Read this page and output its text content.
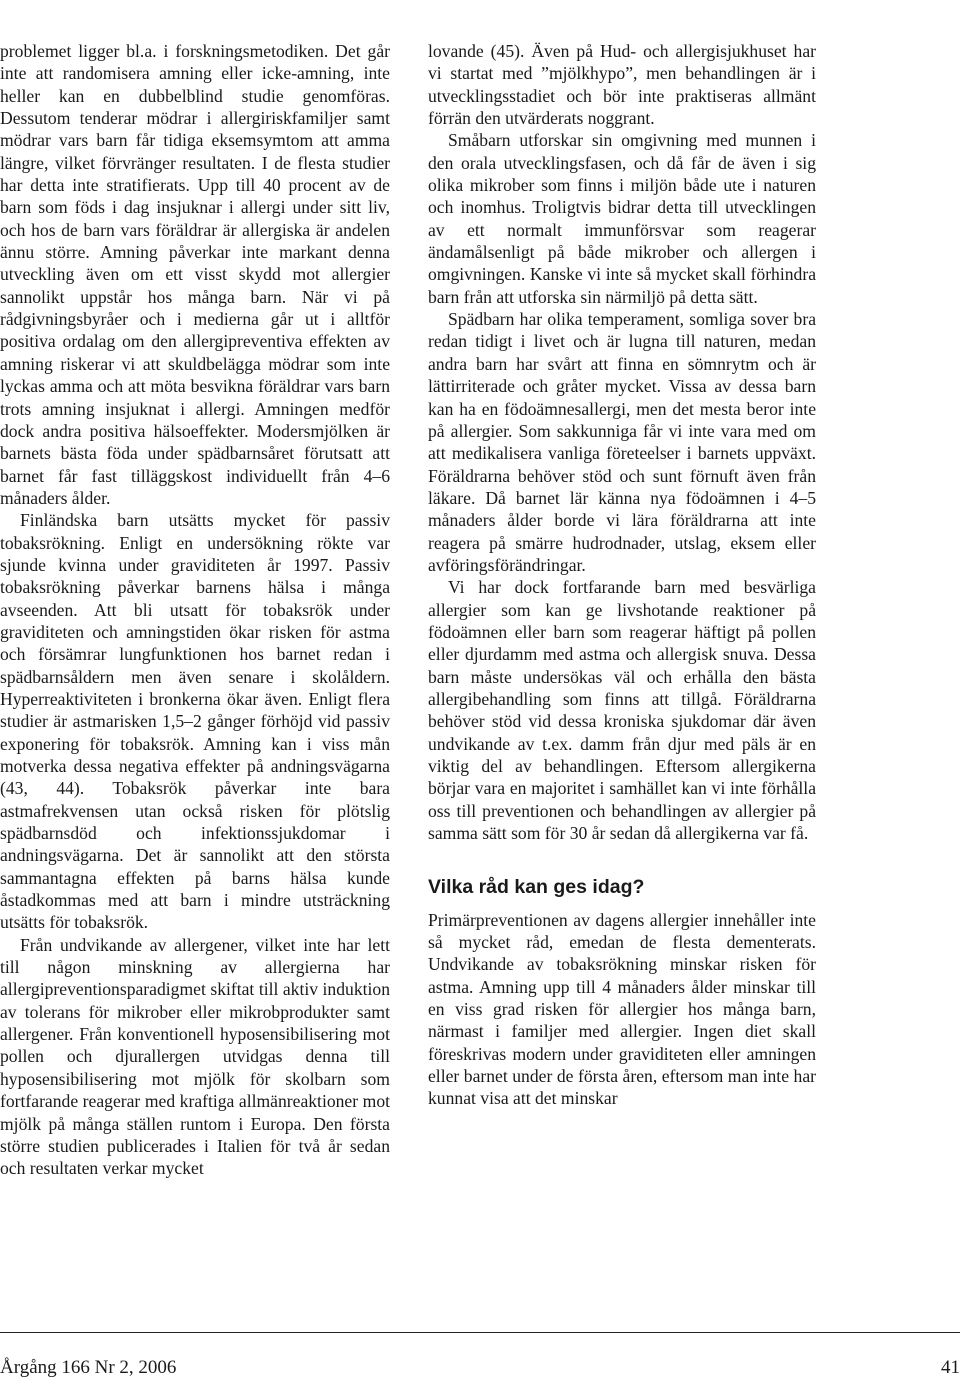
problemet ligger bl.a. i forskningsmetodiken. Det går inte att randomisera amning eller icke-amning, inte heller kan en dubbelblind studie genomföras. Dessutom tenderar mödrar i allergiriskfamiljer samt mödrar vars barn får tidiga eksemsymtom att amma längre, vilket förvränger resultaten. I de flesta studier har detta inte stratifierats. Upp till 40 procent av de barn som föds i dag insjuknar i allergi under sitt liv, och hos de barn vars föräldrar är allergiska är andelen ännu större. Amning påverkar inte markant denna utveckling även om ett visst skydd mot allergier sannolikt uppstår hos många barn. När vi på rådgivningsbyråer och i medierna går ut i alltför positiva ordalag om den allergipreventiva effekten av amning riskerar vi att skuldbelägga mödrar som inte lyckas amma och att möta besvikna föräldrar vars barn trots amning insjuknat i allergi. Amningen medför dock andra positiva hälsoeffekter. Modersmjölken är barnets bästa föda under spädbarnsåret förutsatt att barnet får fast tilläggskost individuellt från 4–6 månaders ålder.

Finländska barn utsätts mycket för passiv tobaksrökning. Enligt en undersökning rökte var sjunde kvinna under graviditeten år 1997. Passiv tobaksrökning påverkar barnens hälsa i många avseenden. Att bli utsatt för tobaksrök under graviditeten och amningstiden ökar risken för astma och försämrar lungfunktionen hos barnet redan i spädbarnsåldern men även senare i skolåldern. Hyperreaktiviteten i bronkerna ökar även. Enligt flera studier är astmarisken 1,5–2 gånger förhöjd vid passiv exponering för tobaksrök. Amning kan i viss mån motverka dessa negativa effekter på andningsvägarna (43, 44). Tobaksrök påverkar inte bara astmafrekvensen utan också risken för plötslig spädbarnsdöd och infektionssjukdomar i andningsvägarna. Det är sannolikt att den största sammantagna effekten på barns hälsa kunde åstadkommas med att barn i mindre utsträckning utsätts för tobaksrök.

Från undvikande av allergener, vilket inte har lett till någon minskning av allergierna har allergipreventionsparadigmet skiftat till aktiv induktion av tolerans för mikrober eller mikrobprodukter samt allergener. Från konventionell hyposensibilisering mot pollen och djurallergen utvidgas denna till hyposensibilisering mot mjölk för skolbarn som fortfarande reagerar med kraftiga allmänreaktioner mot mjölk på många ställen runtom i Europa. Den första större studien publicerades i Italien för två år sedan och resultaten verkar mycket

lovande (45). Även på Hud- och allergisjukhuset har vi startat med ”mjölkhypo”, men behandlingen är i utvecklingsstadiet och bör inte praktiseras allmänt förrän den utvärderats noggrant.

Småbarn utforskar sin omgivning med munnen i den orala utvecklingsfasen, och då får de även i sig olika mikrober som finns i miljön både ute i naturen och inomhus. Troligtvis bidrar detta till utvecklingen av ett normalt immunförsvar som reagerar ändamålsenligt på både mikrober och allergen i omgivningen. Kanske vi inte så mycket skall förhindra barn från att utforska sin närmiljö på detta sätt.

Spädbarn har olika temperament, somliga sover bra redan tidigt i livet och är lugna till naturen, medan andra barn har svårt att finna en sömnrytm och är lättirriterade och gråter mycket. Vissa av dessa barn kan ha en födoämnesallergi, men det mesta beror inte på allergier. Som sakkunniga får vi inte vara med om att medikalisera vanliga företeelser i barnets uppväxt. Föräldrarna behöver stöd och sunt förnuft även från läkare. Då barnet lär känna nya födoämnen i 4–5 månaders ålder borde vi lära föräldrarna att inte reagera på smärre hudrodnader, utslag, eksem eller avföringsförändringar.

Vi har dock fortfarande barn med besvärliga allergier som kan ge livshotande reaktioner på födoämnen eller barn som reagerar häftigt på pollen eller djurdamm med astma och allergisk snuva. Dessa barn måste undersökas väl och erhålla den bästa allergibehandling som finns att tillgå. Föräldrarna behöver stöd vid dessa kroniska sjukdomar där även undvikande av t.ex. damm från djur med päls är en viktig del av behandlingen. Eftersom allergikerna börjar vara en majoritet i samhället kan vi inte förhålla oss till preventionen och behandlingen av allergier på samma sätt som för 30 år sedan då allergikerna var få.

Vilka råd kan ges idag?

Primärpreventionen av dagens allergier innehåller inte så mycket råd, emedan de flesta dementerats. Undvikande av tobaksrökning minskar risken för astma. Amning upp till 4 månaders ålder minskar till en viss grad risken för allergier hos många barn, närmast i familjer med allergier. Ingen diet skall föreskrivas modern under graviditeten eller amningen eller barnet under de första åren, eftersom man inte har kunnat visa att det minskar

Årgång 166 Nr 2, 2006	41
